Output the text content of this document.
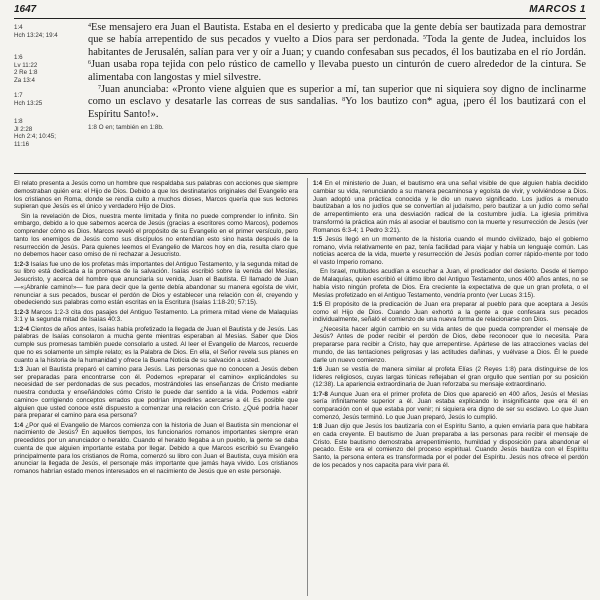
1647	MARCOS 1
1:4
Hch 13:24; 19:4
1:6
Lv 11:22
2 Re 1:8
Za 13:4
1:7
Hch 13:25
1:8
Jl 2:28
Hch 2:4; 10:45;
11:16

$^4$Ese mensajero era Juan el Bautista. Estaba en el desierto y predicaba que la gente debía ser bautizada para demostrar que se había arrepentido de sus pecados y vuelto a Dios para ser perdonada. $^5$Toda la gente de Judea, incluidos los habitantes de Jerusalén, salían para ver y oír a Juan; y cuando confesaban sus pecados, él los bautizaba en el río Jordán. $^6$Juan usaba ropa tejida con pelo rústico de camello y llevaba puesto un cinturón de cuero alrededor de la cintura. Se alimentaba con langostas y miel silvestre.

$^7$Juan anunciaba: «Pronto viene alguien que es superior a mí, tan superior que ni siquiera soy digno de inclinarme como un esclavo y desatarle las correas de sus sandalias. $^8$Yo los bautizo con* agua, ¡pero él los bautizará con el Espíritu Santo!».

1:8 O en; también en 1:8b.

El relato presenta a Jesús como un hombre que respaldaba sus palabras con acciones que siempre demostraban quién era: el Hijo de Dios. Debido a que los destinatarios originales del Evangelio era los cristianos en Roma, donde se rendía culto a muchos dioses, Marcos quería que sus lectores supieran que Jesús es el único y verdadero Hijo de Dios.

Sin la revelación de Dios, nuestra mente limitada y finita no puede comprender lo infinito. Sin embargo, debido a lo que sabemos acerca de Jesús (gracias a escritores como Marcos), podemos comprender cómo es Dios. Marcos reveló el propósito de su Evangelio en el primer versículo, pero tanto los enemigos de Jesús como sus discípulos no entendían esto sino hasta después de la resurrección de Jesús. Para quienes leemos el Evangelio de Marcos hoy en día, resulta claro que no debemos hacer caso omiso de ni rechazar a Jesucristo.

1:2-3 Isaías fue uno de los profetas más importantes del Antiguo Testamento, y la segunda mitad de su libro está dedicada a la promesa de la salvación. Isaías escribió sobre la venida del Mesías, Jesucristo, y acerca del hombre que anunciaría su venida, Juan el Bautista. El llamado de Juan —«¡Abranle camino!»— fue para decir que la gente debía abandonar su manera egoísta de vivir, renunciar a sus pecados, buscar el perdón de Dios y establecer una relación con él, creyendo y obedeciendo sus palabras como están escritas en la Escritura (Isaías 1:18-20; 57:15).

1:2-3 Marcos 1:2-3 cita dos pasajes del Antiguo Testamento. La primera mitad viene de Malaquías 3:1 y la segunda mitad de Isaías 40:3.

1:2-4 Cientos de años antes, Isaías había profetizado la llegada de Juan el Bautista y de Jesús. Las palabras de Isaías consolaron a mucha gente mientras esperaban al Mesías. Saber que Dios cumple sus promesas también puede consolarlo a usted. Al leer el Evangelio de Marcos, recuerde que no es solamente un simple relato; es la Palabra de Dios. En ella, el Señor revela sus planes en cuanto a la historia de la humanidad y ofrece la Buena Noticia de su salvación a usted.

1:3 Juan el Bautista preparó el camino para Jesús. Las personas que no conocen a Jesús deben ser preparadas para encontrarse con él. Podemos «preparar el camino» explicándoles su necesidad de ser perdonadas de sus pecados, mostrándoles las enseñanzas de Cristo mediante nuestra conducta y enseñándoles cómo Cristo le puede dar sentido a la vida. Podemos «abrir camino» corrigiendo conceptos errados que podrían impedirles acercarse a él. Es posible que alguien que usted conoce esté dispuesto a comenzar una relación con Cristo. ¿Qué podría hacer para preparar el camino para esa persona?

1:4 ¿Por qué el Evangelio de Marcos comienza con la historia de Juan el Bautista sin mencionar el nacimiento de Jesús? En aquellos tiempos, los funcionarios romanos importantes siempre eran precedidos por un anunciador o heraldo. Cuando el heraldo llegaba a un pueblo, la gente se daba cuenta de que alguien importante estaba por llegar. Debido a que Marcos escribió su Evangelio principalmente para los cristianos de Roma, comenzó su libro con Juan el Bautista, cuya misión era anunciar la llegada de Jesús, el personaje más importante que jamás haya vivido. Los cristianos romanos habrían estado menos interesados en el nacimiento de Jesús que en este personaje.

1:4 En el ministerio de Juan, el bautismo era una señal visible de que alguien había decidido cambiar su vida, renunciando a su manera pecaminosa y egoísta de vivir, y volviéndose a Dios. Juan adoptó una práctica conocida y le dio un nuevo significado. Los judíos a menudo bautizaban a los no judíos que se convertían al judaísmo, pero bautizar a un judío como señal de arrepentimiento era una desviación radical de la costumbre judía. La iglesia primitiva transformó la práctica aún más al asociar el bautismo con la muerte y resurrección de Jesús (ver Romanos 6:3-4; 1 Pedro 3:21).

1:5 Jesús llegó en un momento de la historia cuando el mundo civilizado, bajo el gobierno romano, vivía relativamente en paz, tenía facilidad para viajar y había un lenguaje común. Las noticias acerca de la vida, muerte y resurrección de Jesús podían correr rápido-mente por todo el vasto Imperio romano.

En Israel, multitudes acudían a escuchar a Juan, el predicador del desierto. Desde el tiempo de Malaquías, quien escribió el último libro del Antiguo Testamento, unos 400 años antes, no se había visto ningún profeta de Dios. Era creciente la expectativa de que un gran profeta, o el Mesías profetizado en el Antiguo Testamento, vendría pronto (ver Lucas 3:15).

1:5 El propósito de la predicación de Juan era preparar al pueblo para que aceptara a Jesús como el Hijo de Dios. Cuando Juan exhortó a la gente a que confesara sus pecados individualmente, señaló el comienzo de una nueva forma de relacionarse con Dios.

¿Necesita hacer algún cambio en su vida antes de que pueda comprender el mensaje de Jesús? Antes de poder recibir el perdón de Dios, debe reconocer que lo necesita. Para prepararse para recibir a Cristo, hay que arrepentirse. Apártese de las atracciones vacías del mundo, de las tentaciones peligrosas y las actitudes dañinas, y vuélvase a Dios. Él le puede darle un nuevo comienzo.

1:6 Juan se vestía de manera similar al profeta Elías (2 Reyes 1:8) para distinguirse de los líderes religiosos, cuyas largas túnicas reflejaban el gran orgullo que sentían por su posición (12:38). La apariencia extraordinaria de Juan reforzaba su mensaje extraordinario.

1:7-8 Aunque Juan era el primer profeta de Dios que apareció en 400 años, Jesús el Mesías sería infinitamente superior a él. Juan estaba explicando lo insignificante que era él en comparación con el que estaba por venir; ni siquiera era digno de ser su esclavo. Lo que Juan comenzó, Jesús terminó. Lo que Juan preparó, Jesús lo cumplió.

1:8 Juan dijo que Jesús los bautizaría con el Espíritu Santo, a quien enviaría para que habitara en cada creyente. El bautismo de Juan preparaba a las personas para recibir el mensaje de Cristo. Este bautismo demostraba arrepentimiento, humildad y disposición para abandonar el pecado. Este era el comienzo del proceso espiritual. Cuando Jesús bautiza con el Espíritu Santo, la persona entera es transformada por el poder del Espíritu. Jesús nos ofrece el perdón de los pecados y nos capacita para vivir para él.
